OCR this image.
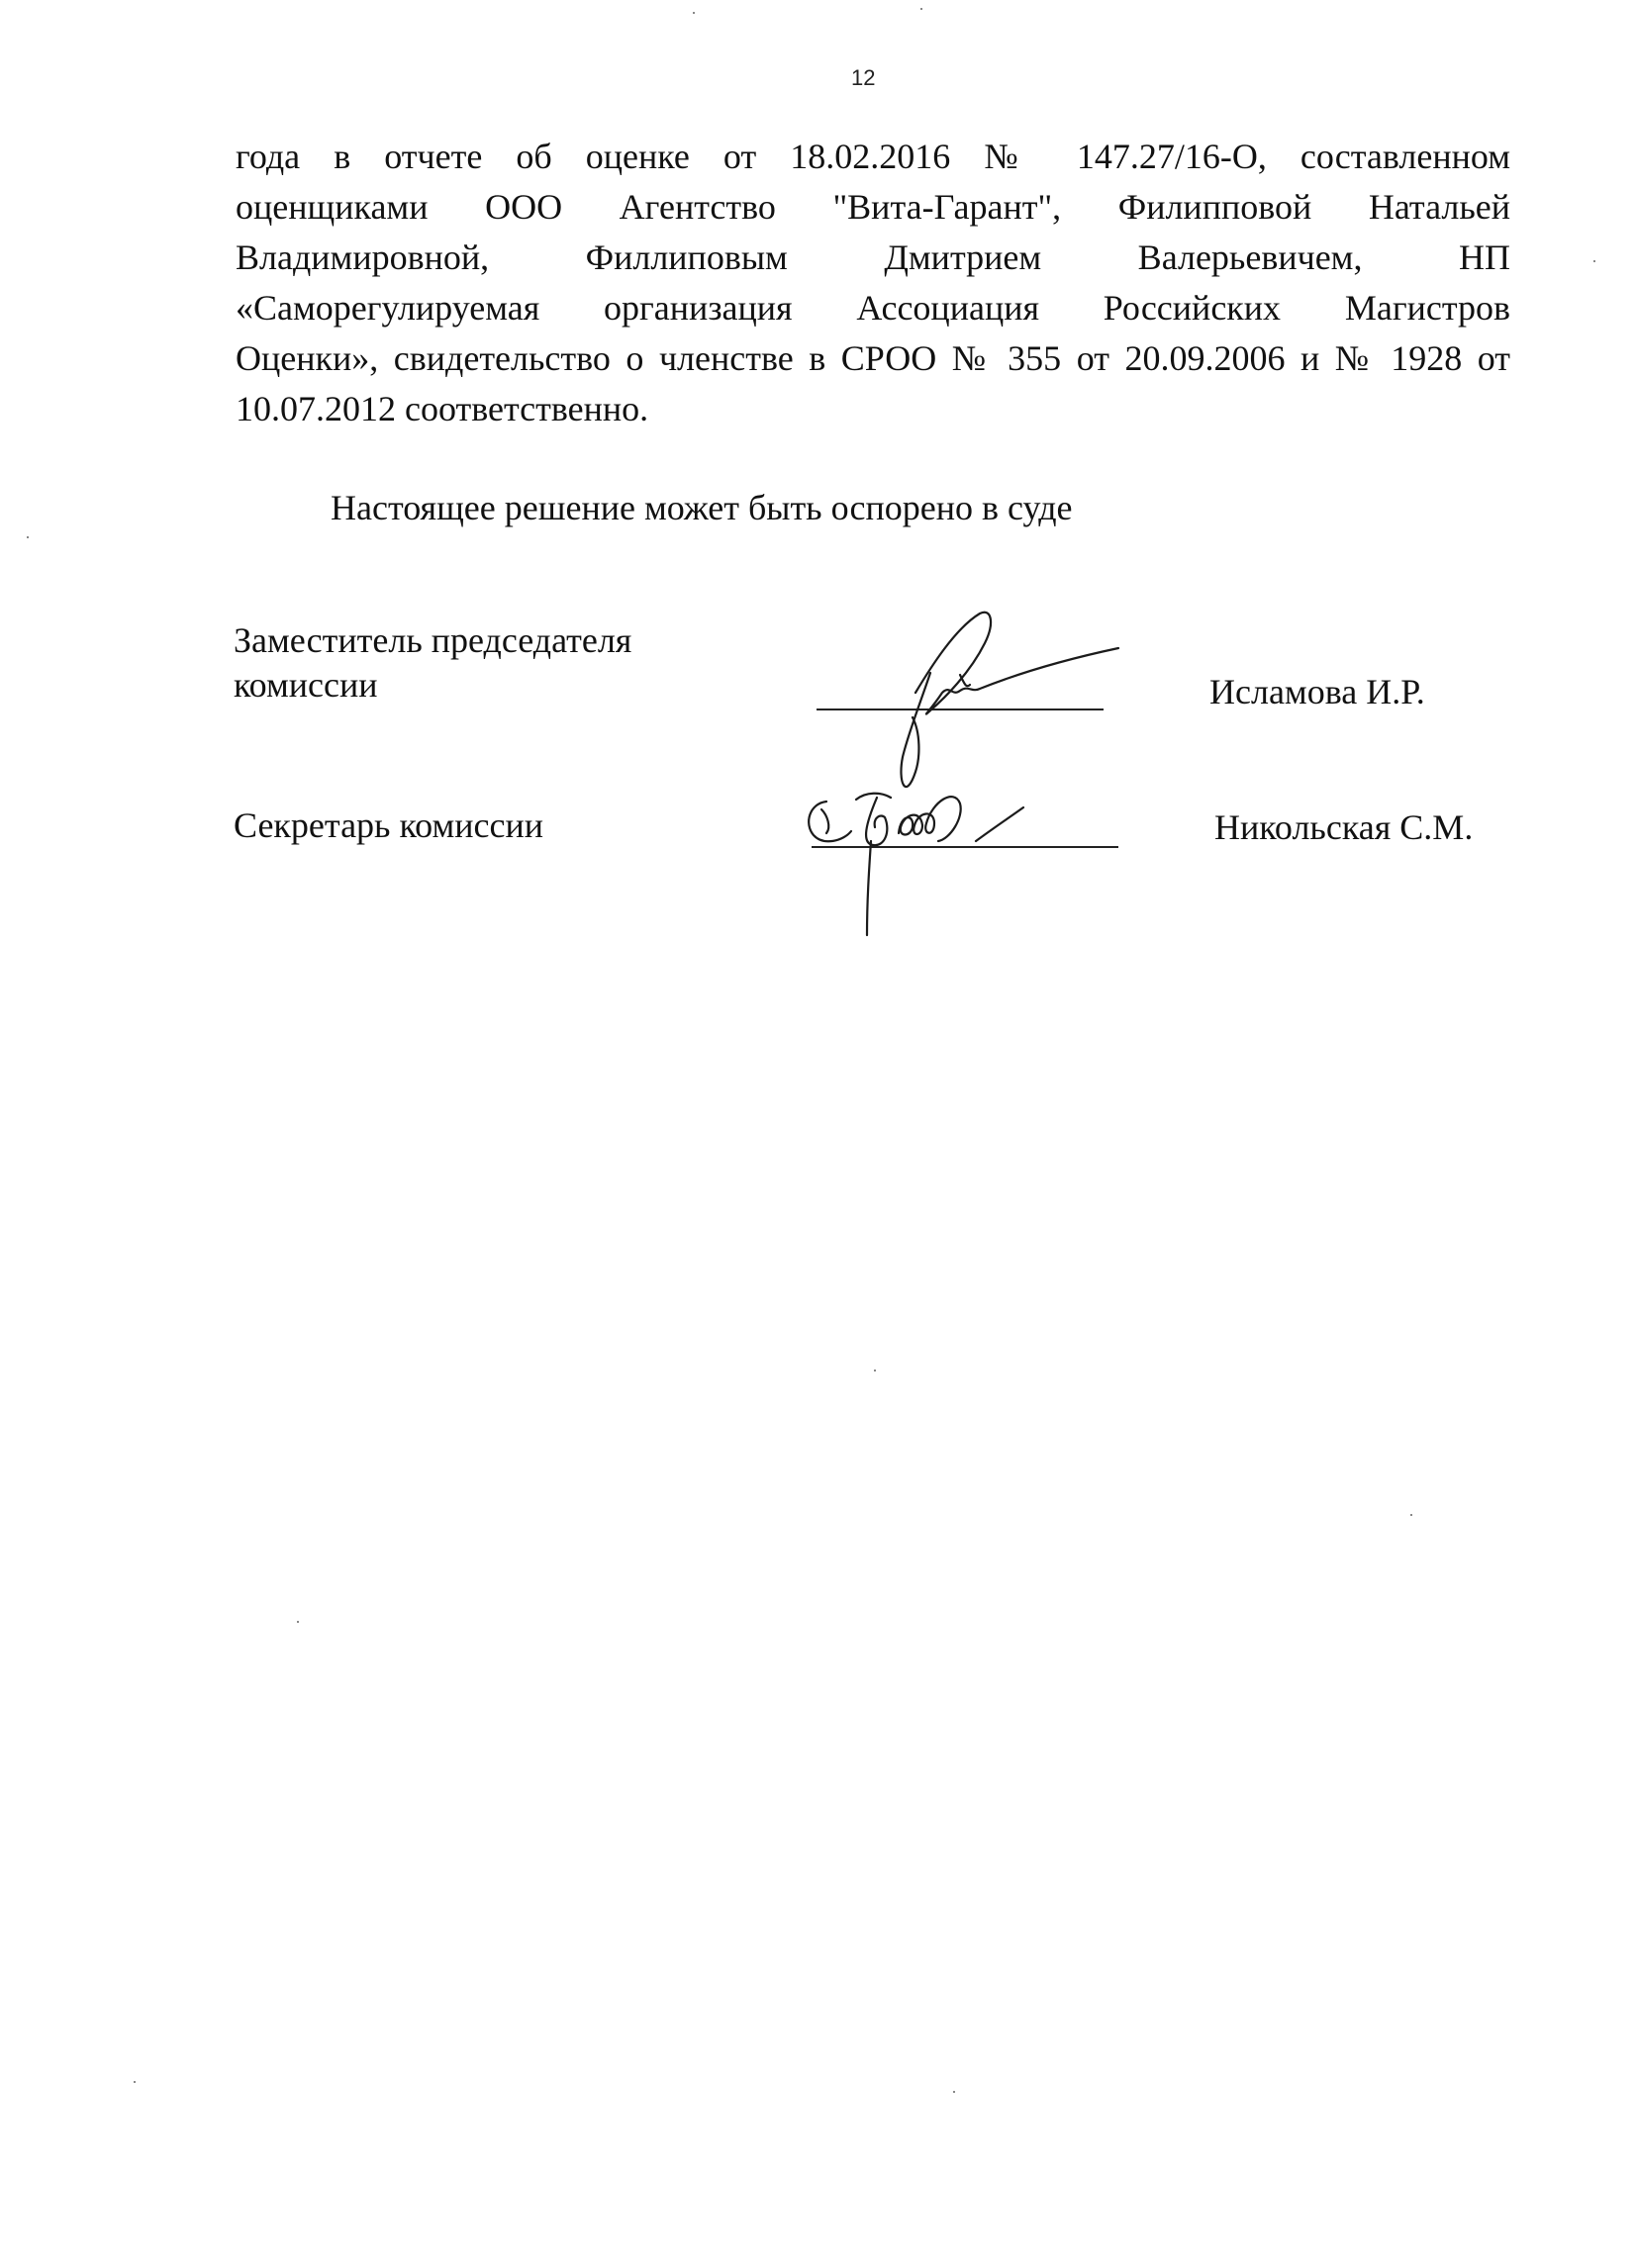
12
года в отчете об оценке от 18.02.2016 № 147.27/16-О, составленном
оценщиками ООО Агентство "Вита-Гарант", Филипповой Натальей
Владимировной, Филлиповым Дмитрием Валерьевичем, НП
«Саморегулируемая организация Ассоциация Российских Магистров
Оценки», свидетельство о членстве в СРОО № 355 от 20.09.2006 и № 1928 от
10.07.2012 соответственно.
Настоящее решение может быть оспорено в суде
Заместитель председателя
комиссии	Исламова И.Р.
Секретарь комиссии	Никольская С.М.
